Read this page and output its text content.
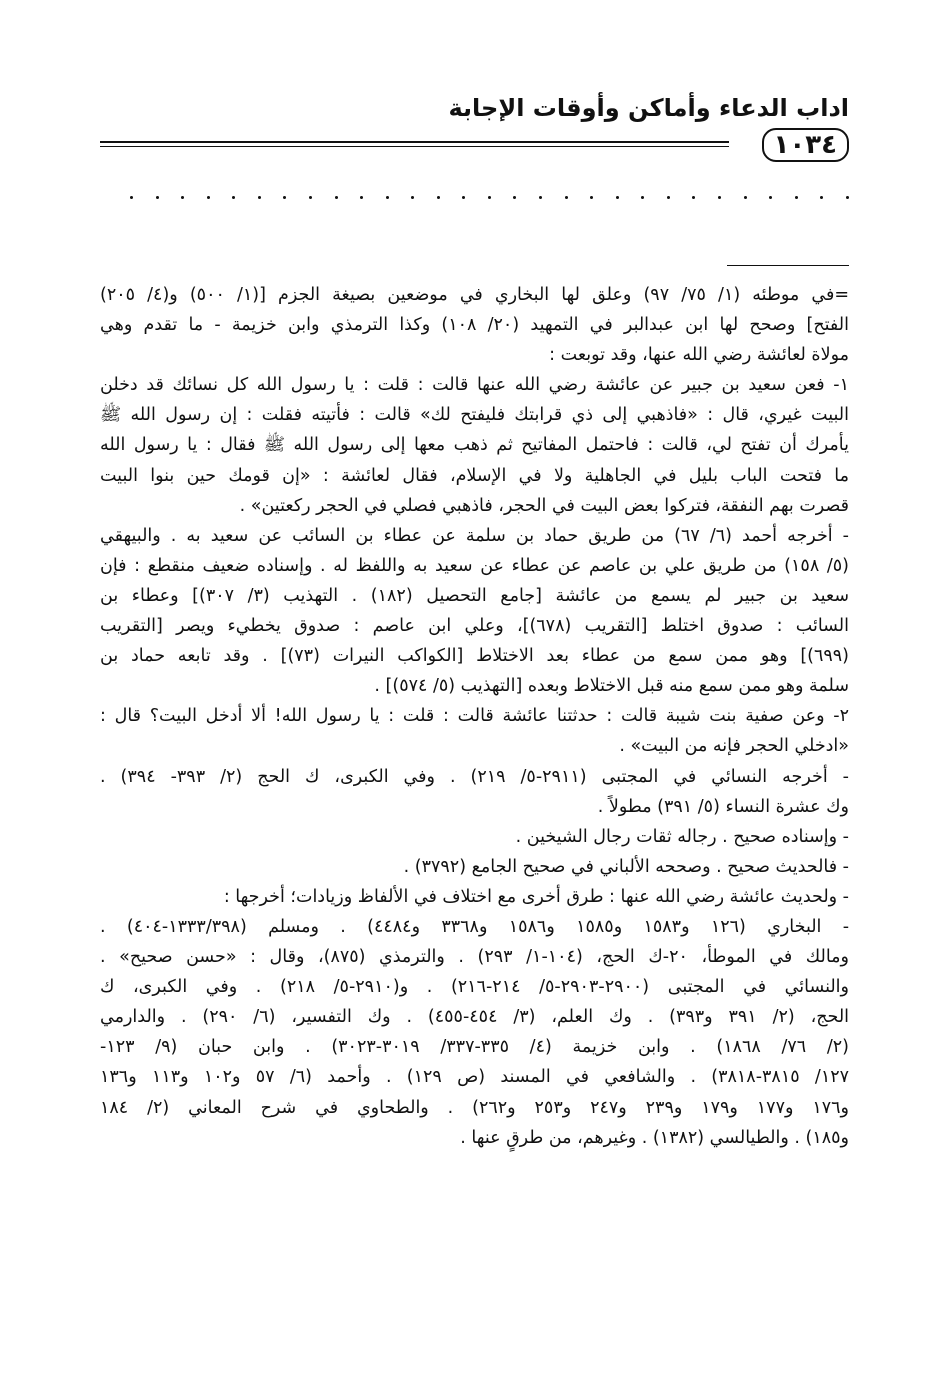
اداب الدعاء وأماكن وأوقات الإجابة
١٠٣٤

=في موطئه (١/ ٧٥/ ٩٧) وعلق لها البخاري في موضعين بصيغة الجزم [(١/ ٥٠٠) و(٤/ ٢٠٥)

الفتح] وصحح لها ابن عبدالبر في التمهيد (٢٠/ ١٠٨) وكذا الترمذي وابن خزيمة - ما تقدم وهي

مولاة لعائشة رضي الله عنها، وقد توبعت :

١- فعن سعيد بن جبير عن عائشة رضي الله عنها قالت : قلت : يا رسول الله كل نسائك قد دخلن

البيت غيري، قال : «فاذهبي إلى ذي قرابتك فليفتح لك» قالت : فأتيته فقلت : إن رسول الله ﷺ

يأمرك أن تفتح لي، قالت : فاحتمل المفاتيح ثم ذهب معها إلى رسول الله ﷺ فقال : يا رسول الله

ما فتحت الباب بليل في الجاهلية ولا في الإسلام، فقال لعائشة : «إن قومك حين بنوا البيت

قصرت بهم النفقة، فتركوا بعض البيت في الحجر، فاذهبي فصلي في الحجر ركعتين» .

- أخرجه أحمد (٦/ ٦٧) من طريق حماد بن سلمة عن عطاء بن السائب عن سعيد به . والبيهقي

(٥/ ١٥٨) من طريق علي بن عاصم عن عطاء عن سعيد به واللفظ له . وإسناده ضعيف منقطع : فإن

سعيد بن جبير لم يسمع من عائشة [جامع التحصيل (١٨٢) . التهذيب (٣/ ٣٠٧)] وعطاء بن

السائب : صدوق اختلط [التقريب (٦٧٨)]، وعلي ابن عاصم : صدوق يخطيء ويصر [التقريب

(٦٩٩)] وهو ممن سمع من عطاء بعد الاختلاط [الكواكب النيرات (٧٣)] . وقد تابعه حماد بن

سلمة وهو ممن سمع منه قبل الاختلاط وبعده [التهذيب (٥/ ٥٧٤)] .

٢- وعن صفية بنت شيبة قالت : حدثتنا عائشة قالت : قلت : يا رسول الله! ألا أدخل البيت؟ قال :

«ادخلي الحجر فإنه من البيت» .

- أخرجه النسائي في المجتبى (٢٩١١-٥/ ٢١٩) . وفي الكبرى، ك الحج (٢/ ٣٩٣- ٣٩٤) .

وك عشرة النساء (٥/ ٣٩١) مطولاً .

- وإسناده صحيح . رجاله ثقات رجال الشيخين .

- فالحديث صحيح . وصححه الألباني في صحيح الجامع (٣٧٩٢) .

- ولحديث عائشة رضي الله عنها : طرق أخرى مع اختلاف في الألفاظ وزيادات؛ أخرجها :

- البخاري (١٢٦ و١٥٨٣ و١٥٨٥ و١٥٨٦ و٣٣٦٨ و٤٤٨٤) . ومسلم (١٣٣٣/٣٩٨-٤٠٤) .

ومالك في الموطأ، ٢٠-ك الحج، (١٠٤-١/ ٢٩٣) . والترمذي (٨٧٥)، وقال : «حسن صحيح» .

والنسائي في المجتبى (٢٩٠٠-٢٩٠٣-٥/ ٢١٤-٢١٦) . و(٢٩١٠-٥/ ٢١٨) . وفي الكبرى، ك

الحج، (٢/ ٣٩١ و٣٩٣) . وك العلم، (٣/ ٤٥٤-٤٥٥) . وك التفسير، (٦/ ٢٩٠) . والدارمي

(٢/ ٧٦/ ١٨٦٨) . وابن خزيمة (٤/ ٣٣٥-٣٣٧/ ٣٠١٩-٣٠٢٣) . وابن حبان (٩/ ١٢٣-

١٢٧/ ٣٨١٥-٣٨١٨) . والشافعي في المسند (ص ١٢٩) . وأحمد (٦/ ٥٧ و١٠٢ و١١٣ و١٣٦

و١٧٦ و١٧٧ و١٧٩ و٢٣٩ و٢٤٧ و٢٥٣ و٢٦٢) . والطحاوي في شرح المعاني (٢/ ١٨٤

و١٨٥) . والطيالسي (١٣٨٢) . وغيرهم، من طرقٍ عنها .
